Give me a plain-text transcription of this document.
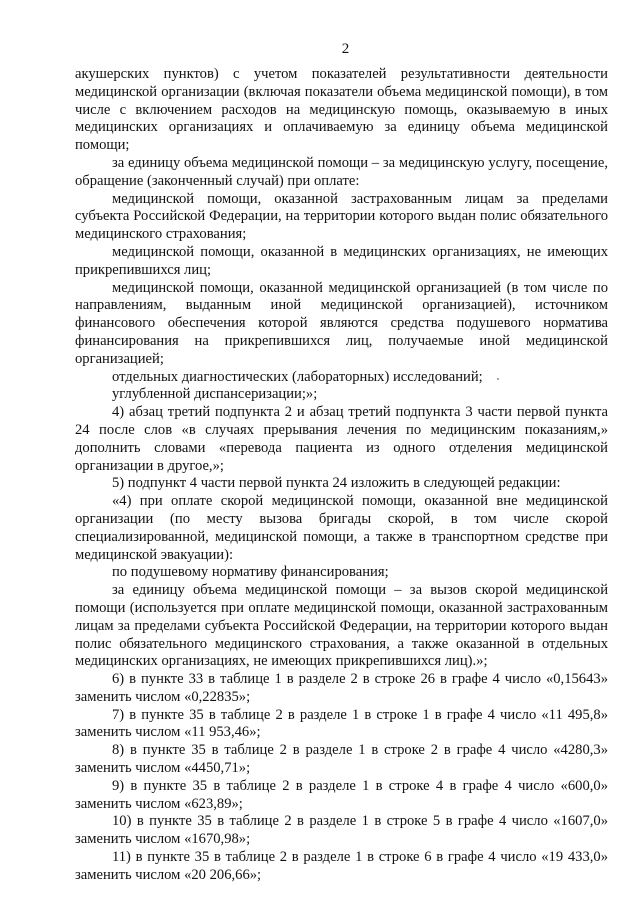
2

акушерских пунктов) с учетом показателей результативности деятельности медицинской организации (включая показатели объема медицинской помощи), в том числе с включением расходов на медицинскую помощь, оказываемую в иных медицинских организациях и оплачиваемую за единицу объема медицинской помощи;

за единицу объема медицинской помощи – за медицинскую услугу, посещение, обращение (законченный случай) при оплате:

медицинской помощи, оказанной застрахованным лицам за пределами субъекта Российской Федерации, на территории которого выдан полис обязательного медицинского страхования;

медицинской помощи, оказанной в медицинских организациях, не имеющих прикрепившихся лиц;

медицинской помощи, оказанной медицинской организацией (в том числе по направлениям, выданным иной медицинской организацией), источником финансового обеспечения которой являются средства подушевого норматива финансирования на прикрепившихся лиц, получаемые иной медицинской организацией;

отдельных диагностических (лабораторных) исследований;

углубленной диспансеризации;»;

4) абзац третий подпункта 2 и абзац третий подпункта 3 части первой пункта 24 после слов «в случаях прерывания лечения по медицинским показаниям,» дополнить словами «перевода пациента из одного отделения медицинской организации в другое,»;

5) подпункт 4 части первой пункта 24 изложить в следующей редакции:

«4) при оплате скорой медицинской помощи, оказанной вне медицинской организации (по месту вызова бригады скорой, в том числе скорой специализированной, медицинской помощи, а также в транспортном средстве при медицинской эвакуации):

по подушевому нормативу финансирования;

за единицу объема медицинской помощи – за вызов скорой медицинской помощи (используется при оплате медицинской помощи, оказанной застрахованным лицам за пределами субъекта Российской Федерации, на территории которого выдан полис обязательного медицинского страхования, а также оказанной в отдельных медицинских организациях, не имеющих прикрепившихся лиц).»;

6) в пункте 33 в таблице 1 в разделе 2 в строке 26 в графе 4 число «0,15643» заменить числом «0,22835»;

7) в пункте 35 в таблице 2 в разделе 1 в строке 1 в графе 4 число «11 495,8» заменить числом «11 953,46»;

8) в пункте 35 в таблице 2 в разделе 1 в строке 2 в графе 4 число «4280,3» заменить числом «4450,71»;

9) в пункте 35 в таблице 2 в разделе 1 в строке 4 в графе 4 число «600,0» заменить числом «623,89»;

10) в пункте 35 в таблице 2 в разделе 1 в строке 5 в графе 4 число «1607,0» заменить числом «1670,98»;

11) в пункте 35 в таблице 2 в разделе 1 в строке 6 в графе 4 число «19 433,0» заменить числом «20 206,66»;
